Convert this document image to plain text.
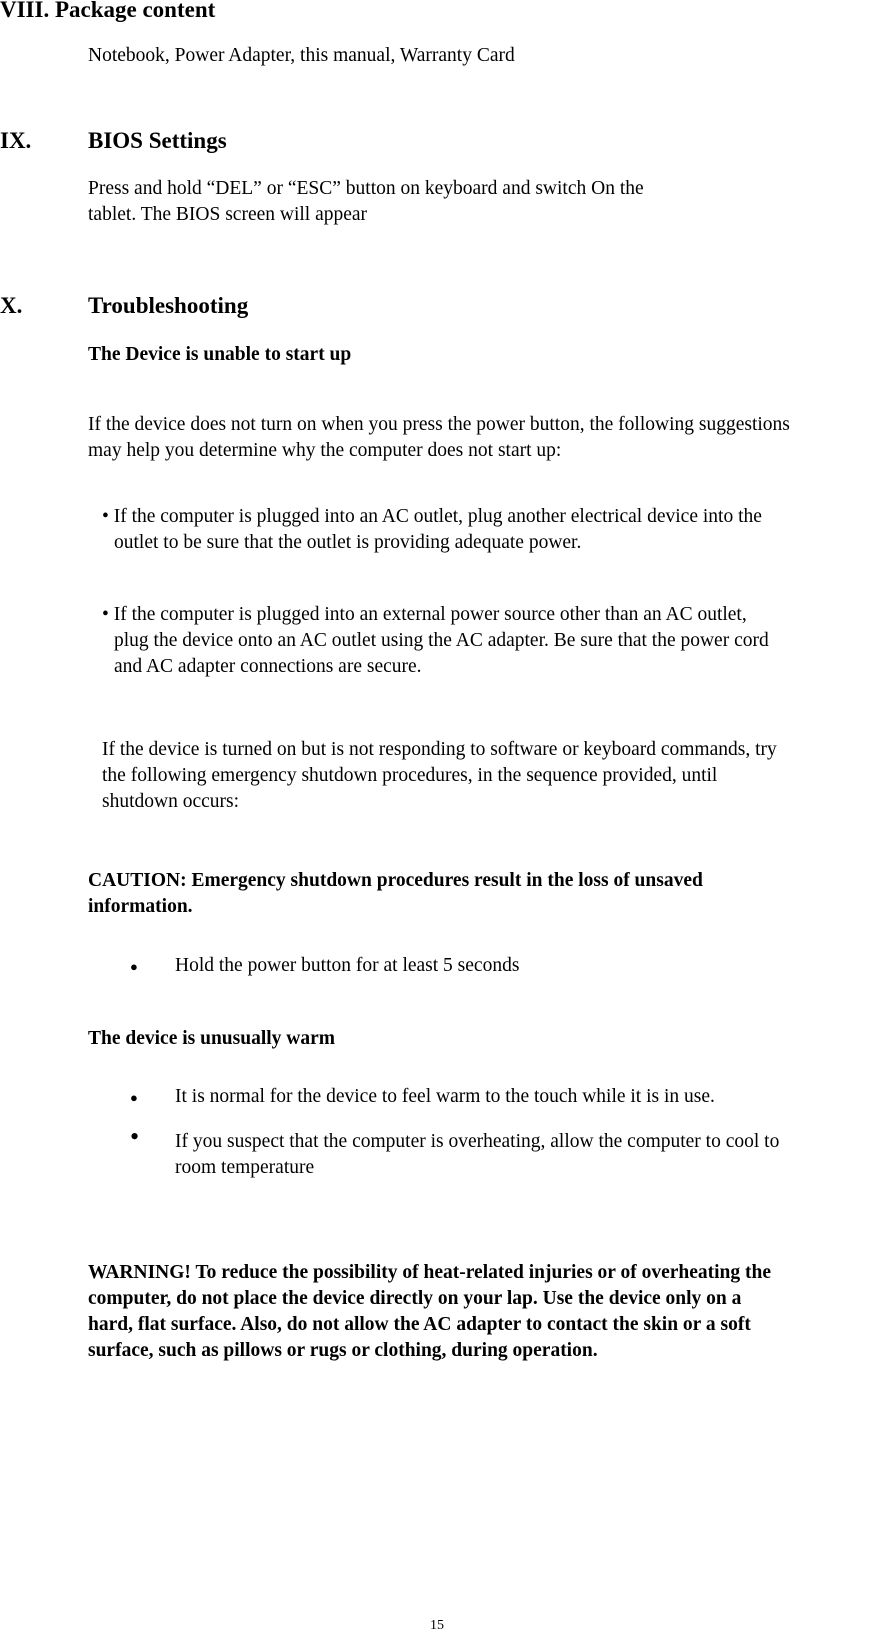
VIII. Package content
Notebook, Power Adapter, this manual, Warranty Card
IX. BIOS Settings
Press and hold “DEL” or “ESC” button on keyboard and switch On the
tablet. The BIOS screen will appear
X.	Troubleshooting
The Device is unable to start up
If the device does not turn on when you press the power button, the following suggestions
may help you determine why the computer does not start up:
• If the computer is plugged into an AC outlet, plug another electrical device into the
outlet to be sure that the outlet is providing adequate power.
• If the computer is plugged into an external power source other than an AC outlet,
plug the device onto an AC outlet using the AC adapter. Be sure that the power cord
and AC adapter connections are secure.
If the device is turned on but is not responding to software or keyboard commands, try
the following emergency shutdown procedures, in the sequence provided, until
shutdown occurs:
CAUTION: Emergency shutdown procedures result in the loss of unsaved
information.
● Hold the power button for at least 5 seconds
The device is unusually warm
● It is normal for the device to feel warm to the touch while it is in use.
• If you suspect that the computer is overheating, allow the computer to cool to
room temperature
WARNING! To reduce the possibility of heat-related injuries or of overheating the
computer, do not place the device directly on your lap. Use the device only on a
hard, flat surface. Also, do not allow the AC adapter to contact the skin or a soft
surface, such as pillows or rugs or clothing, during operation.
15
